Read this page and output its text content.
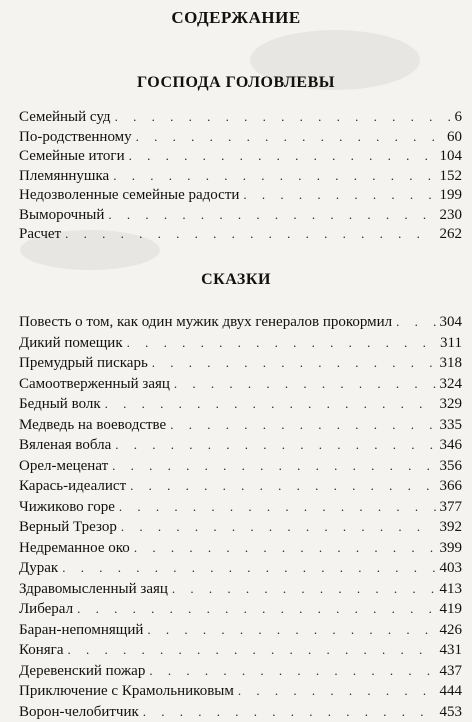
СОДЕРЖАНИЕ
ГОСПОДА ГОЛОВЛЕВЫ
Семейный суд . . .	6
По-родственному . . .	60
Семейные итоги . . .	104
Племяннушка . . .	152
Недозволенные семейные радости . . .	199
Выморочный . . .	230
Расчет . . .	262
СКАЗКИ
Повесть о том, как один мужик двух генералов прокормил . . .	304
Дикий помещик . . .	311
Премудрый пискарь . . .	318
Самоотверженный заяц . . .	324
Бедный волк . . .	329
Медведь на воеводстве . . .	335
Вяленая вобла . . .	346
Орел-меценат . . .	356
Карась-идеалист . . .	366
Чижиково горе . . .	377
Верный Трезор . . .	392
Недреманное око . . .	399
Дурак . . .	403
Здравомысленный заяц . . .	413
Либерал . . .	419
Баран-непомнящий . . .	426
Коняга . . .	431
Деревенский пожар . . .	437
Приключение с Крамольниковым . . .	444
Ворон-челобитчик . . .	453
